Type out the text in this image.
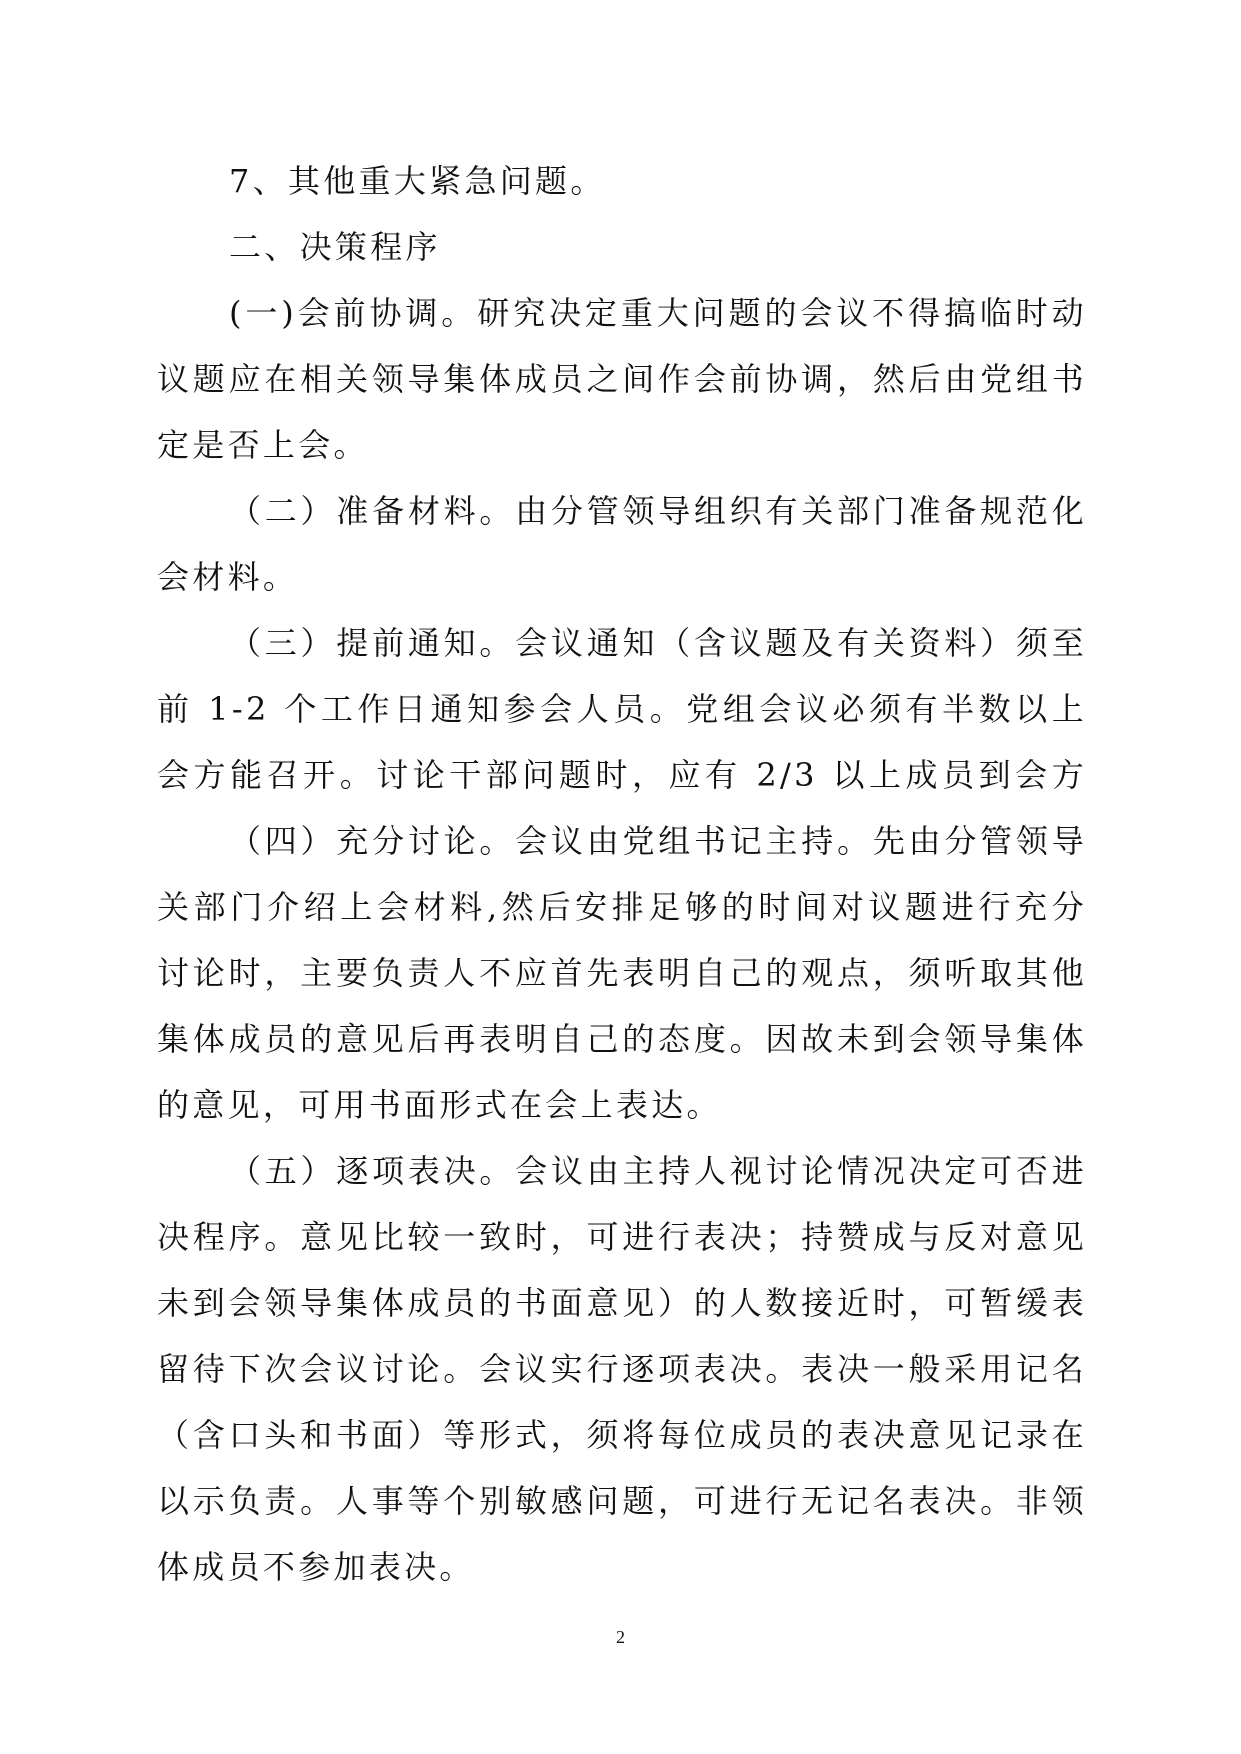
7、其他重大紧急问题。
二、决策程序
(一)会前协调。研究决定重大问题的会议不得搞临时动
议题应在相关领导集体成员之间作会前协调，然后由党组书
定是否上会。
（二）准备材料。由分管领导组织有关部门准备规范化
会材料。
（三）提前通知。会议通知（含议题及有关资料）须至
前 1-2 个工作日通知参会人员。党组会议必须有半数以上
会方能召开。讨论干部问题时，应有 2/3 以上成员到会方
（四）充分讨论。会议由党组书记主持。先由分管领导
关部门介绍上会材料,然后安排足够的时间对议题进行充分
讨论时，主要负责人不应首先表明自己的观点，须听取其他
集体成员的意见后再表明自己的态度。因故未到会领导集体
的意见，可用书面形式在会上表达。
（五）逐项表决。会议由主持人视讨论情况决定可否进
决程序。意见比较一致时，可进行表决；持赞成与反对意见
未到会领导集体成员的书面意见）的人数接近时，可暂缓表
留待下次会议讨论。会议实行逐项表决。表决一般采用记名
（含口头和书面）等形式，须将每位成员的表决意见记录在
以示负责。人事等个别敏感问题，可进行无记名表决。非领
体成员不参加表决。
2
